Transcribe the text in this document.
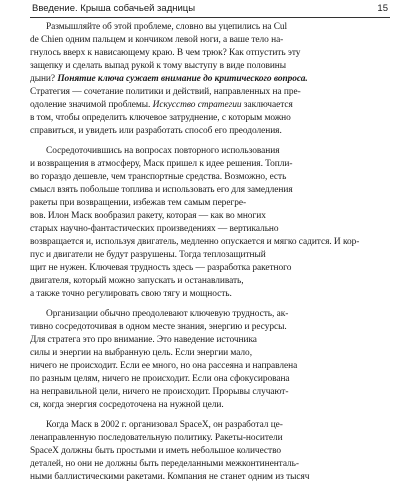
Введение. Крыша собачьей задницы	15
Размышляйте об этой проблеме, словно вы уцепились на Cul
de Chien одним пальцем и кончиком левой ноги, а ваше тело на-
гнулось вверх к нависающему краю. В чем трюк? Как отпустить эту
защепку и сделать выпад рукой к тому выступу в виде половины
дыни? Понятие ключа сужает внимание до критического вопроса.
Стратегия — сочетание политики и действий, направленных на пре-
одоление значимой проблемы. Искусство стратегии заключается
в том, чтобы определить ключевое затруднение, с которым можно
справиться, и увидеть или разработать способ его преодоления.
Сосредоточившись на вопросах повторного использования
и возвращения в атмосферу, Маск пришел к идее решения. Топли-
во гораздо дешевле, чем транспортные средства. Возможно, есть
смысл взять побольше топлива и использовать его для замедления
ракеты при возвращении, избежав тем самым перегре-
вов. Илон Маск вообразил ракету, которая — как во многих
старых научно-фантастических произведениях — вертикально
возвращается и, используя двигатель, медленно опускается и мягко садится. И кор-
пус и двигатели не будут разрушены. Тогда теплозащитный
щит не нужен. Ключевая трудность здесь — разработка ракетного
двигателя, который можно запускать и останавливать,
а также точно регулировать свою тягу и мощность.
Организации обычно преодолевают ключевую трудность, ак-
тивно сосредоточивая в одном месте знания, энергию и ресурсы.
Для стратега это про внимание. Это наведение источника
силы и энергии на выбранную цель. Если энергии мало,
ничего не происходит. Если ее много, но она рассеяна и направлена
по разным целям, ничего не происходит. Если она сфокусирована
на неправильной цели, ничего не происходит. Прорывы случают-
ся, когда энергия сосредоточена на нужной цели.
Когда Маск в 2002 г. организовал SpaceX, он разработал це-
ленаправленную последовательную политику. Ракеты-носители
SpaceX должны быть простыми и иметь небольшое количество
деталей, но они не должны быть переделанными межконтиненталь-
ными баллистическими ракетами. Компания не станет одним из тысяч
